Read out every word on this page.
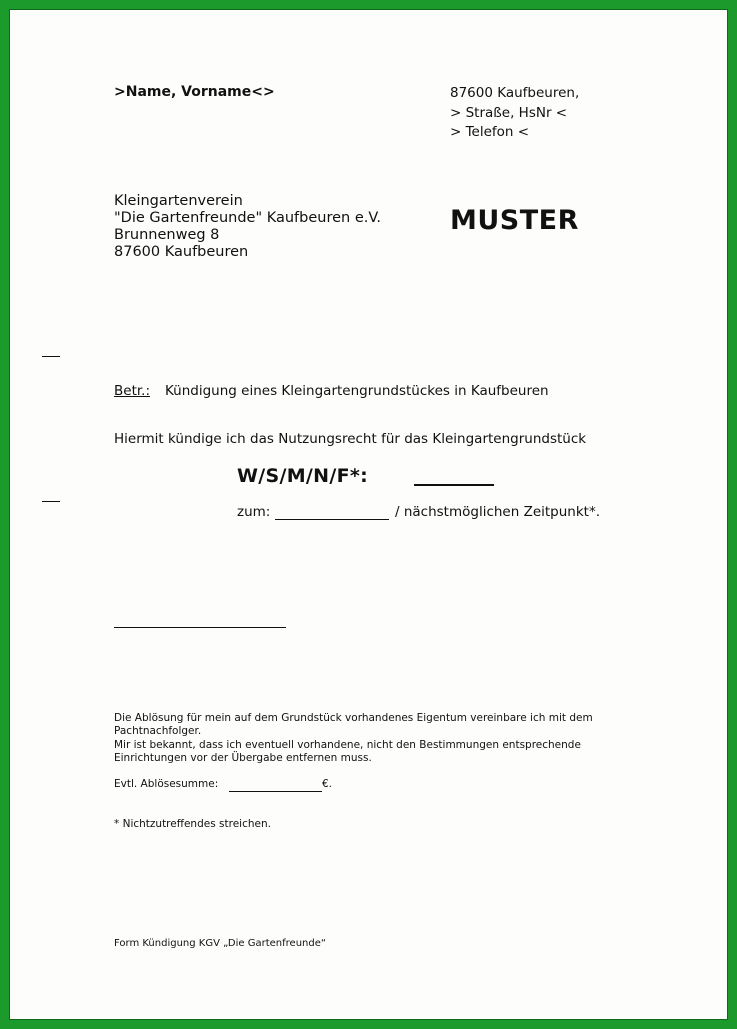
>Name, Vorname<>	87600 Kaufbeuren,
> Straße, HsNr <
> Telefon <
Kleingartenverein
"Die Gartenfreunde" Kaufbeuren e.V.
Brunnenweg 8
87600 Kaufbeuren
MUSTER
Betr.: Kündigung eines Kleingartengrundstückes in Kaufbeuren
Hiermit kündige ich das Nutzungsrecht für das Kleingartengrundstück
W/S/M/N/F*:
zum:	/ nächstmöglichen Zeitpunkt*.
Die Ablösung für mein auf dem Grundstück vorhandenes Eigentum vereinbare ich mit dem
Pachtnachfolger.
Mir ist bekannt, dass ich eventuell vorhandene, nicht den Bestimmungen entsprechende
Einrichtungen vor der Übergabe entfernen muss.
Evtl. Ablösesumme:	€.
* Nichtzutreffendes streichen.
Form Kündigung KGV „Die Gartenfreunde“
